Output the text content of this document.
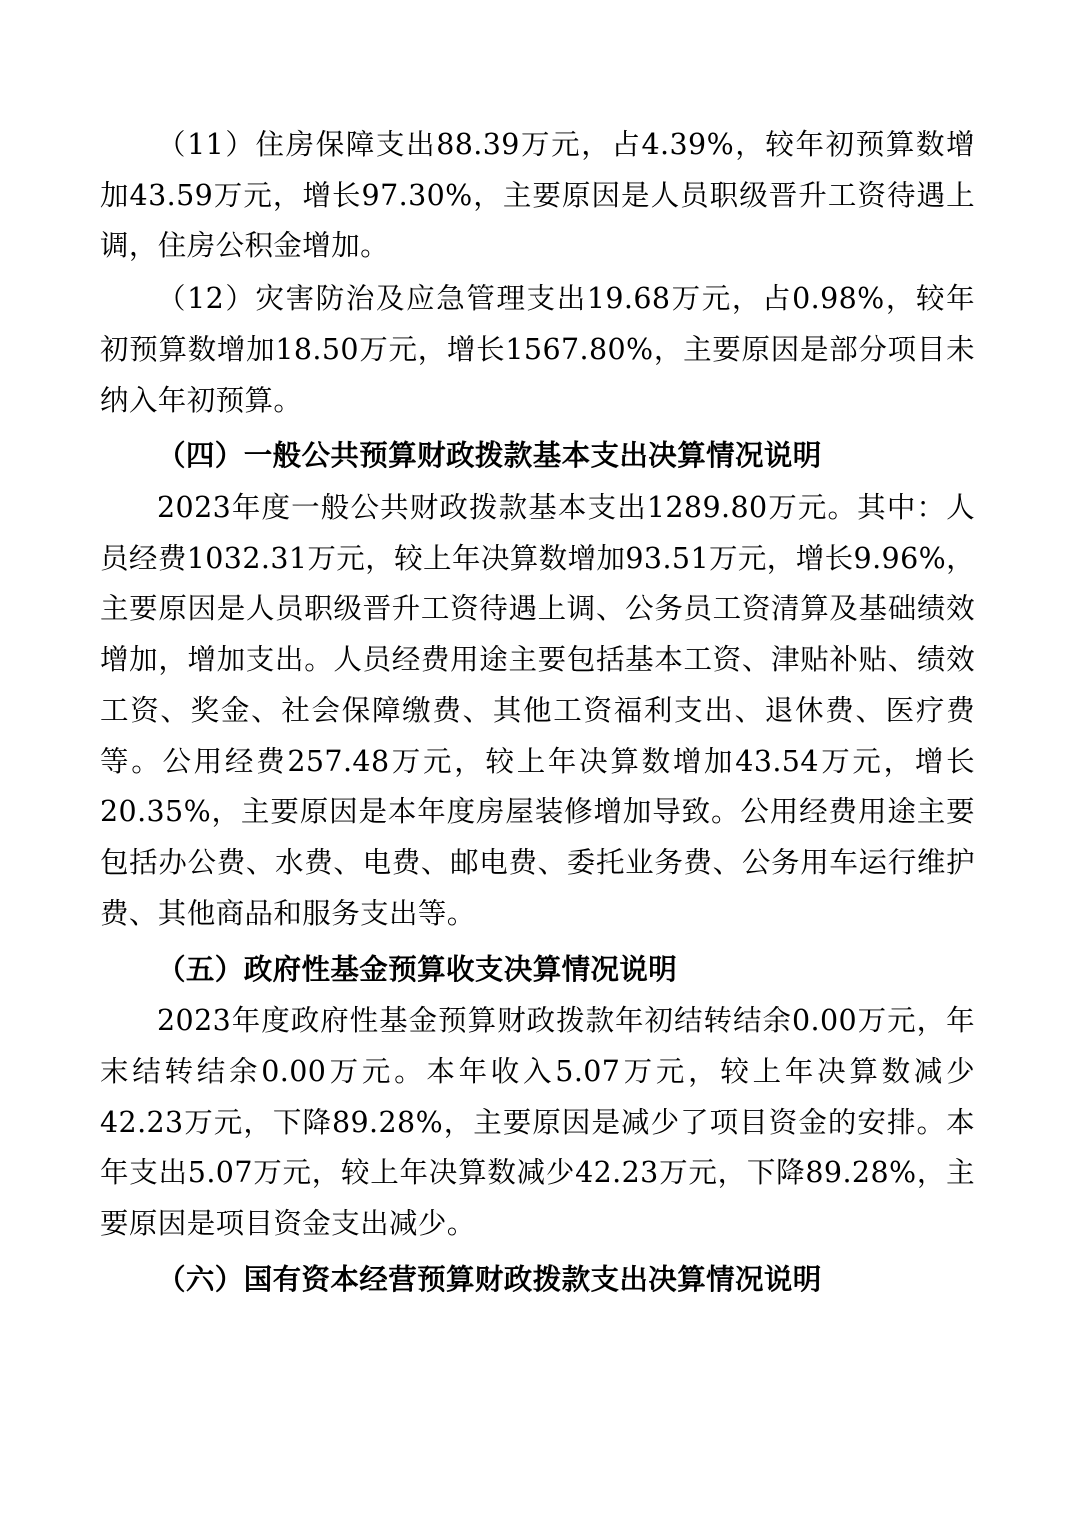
（11）住房保障支出88.39万元，占4.39%，较年初预算数增加43.59万元，增长97.30%，主要原因是人员职级晋升工资待遇上调，住房公积金增加。

（12）灾害防治及应急管理支出19.68万元，占0.98%，较年初预算数增加18.50万元，增长1567.80%，主要原因是部分项目未纳入年初预算。

（四）一般公共预算财政拨款基本支出决算情况说明

2023年度一般公共财政拨款基本支出1289.80万元。其中：人员经费1032.31万元，较上年决算数增加93.51万元，增长9.96%，主要原因是人员职级晋升工资待遇上调、公务员工资清算及基础绩效增加，增加支出。人员经费用途主要包括基本工资、津贴补贴、绩效工资、奖金、社会保障缴费、其他工资福利支出、退休费、医疗费等。公用经费257.48万元，较上年决算数增加43.54万元，增长20.35%，主要原因是本年度房屋装修增加导致。公用经费用途主要包括办公费、水费、电费、邮电费、委托业务费、公务用车运行维护费、其他商品和服务支出等。

（五）政府性基金预算收支决算情况说明

2023年度政府性基金预算财政拨款年初结转结余0.00万元，年末结转结余0.00万元。本年收入5.07万元，较上年决算数减少42.23万元，下降89.28%，主要原因是减少了项目资金的安排。本年支出5.07万元，较上年决算数减少42.23万元，下降89.28%，主要原因是项目资金支出减少。

（六）国有资本经营预算财政拨款支出决算情况说明
